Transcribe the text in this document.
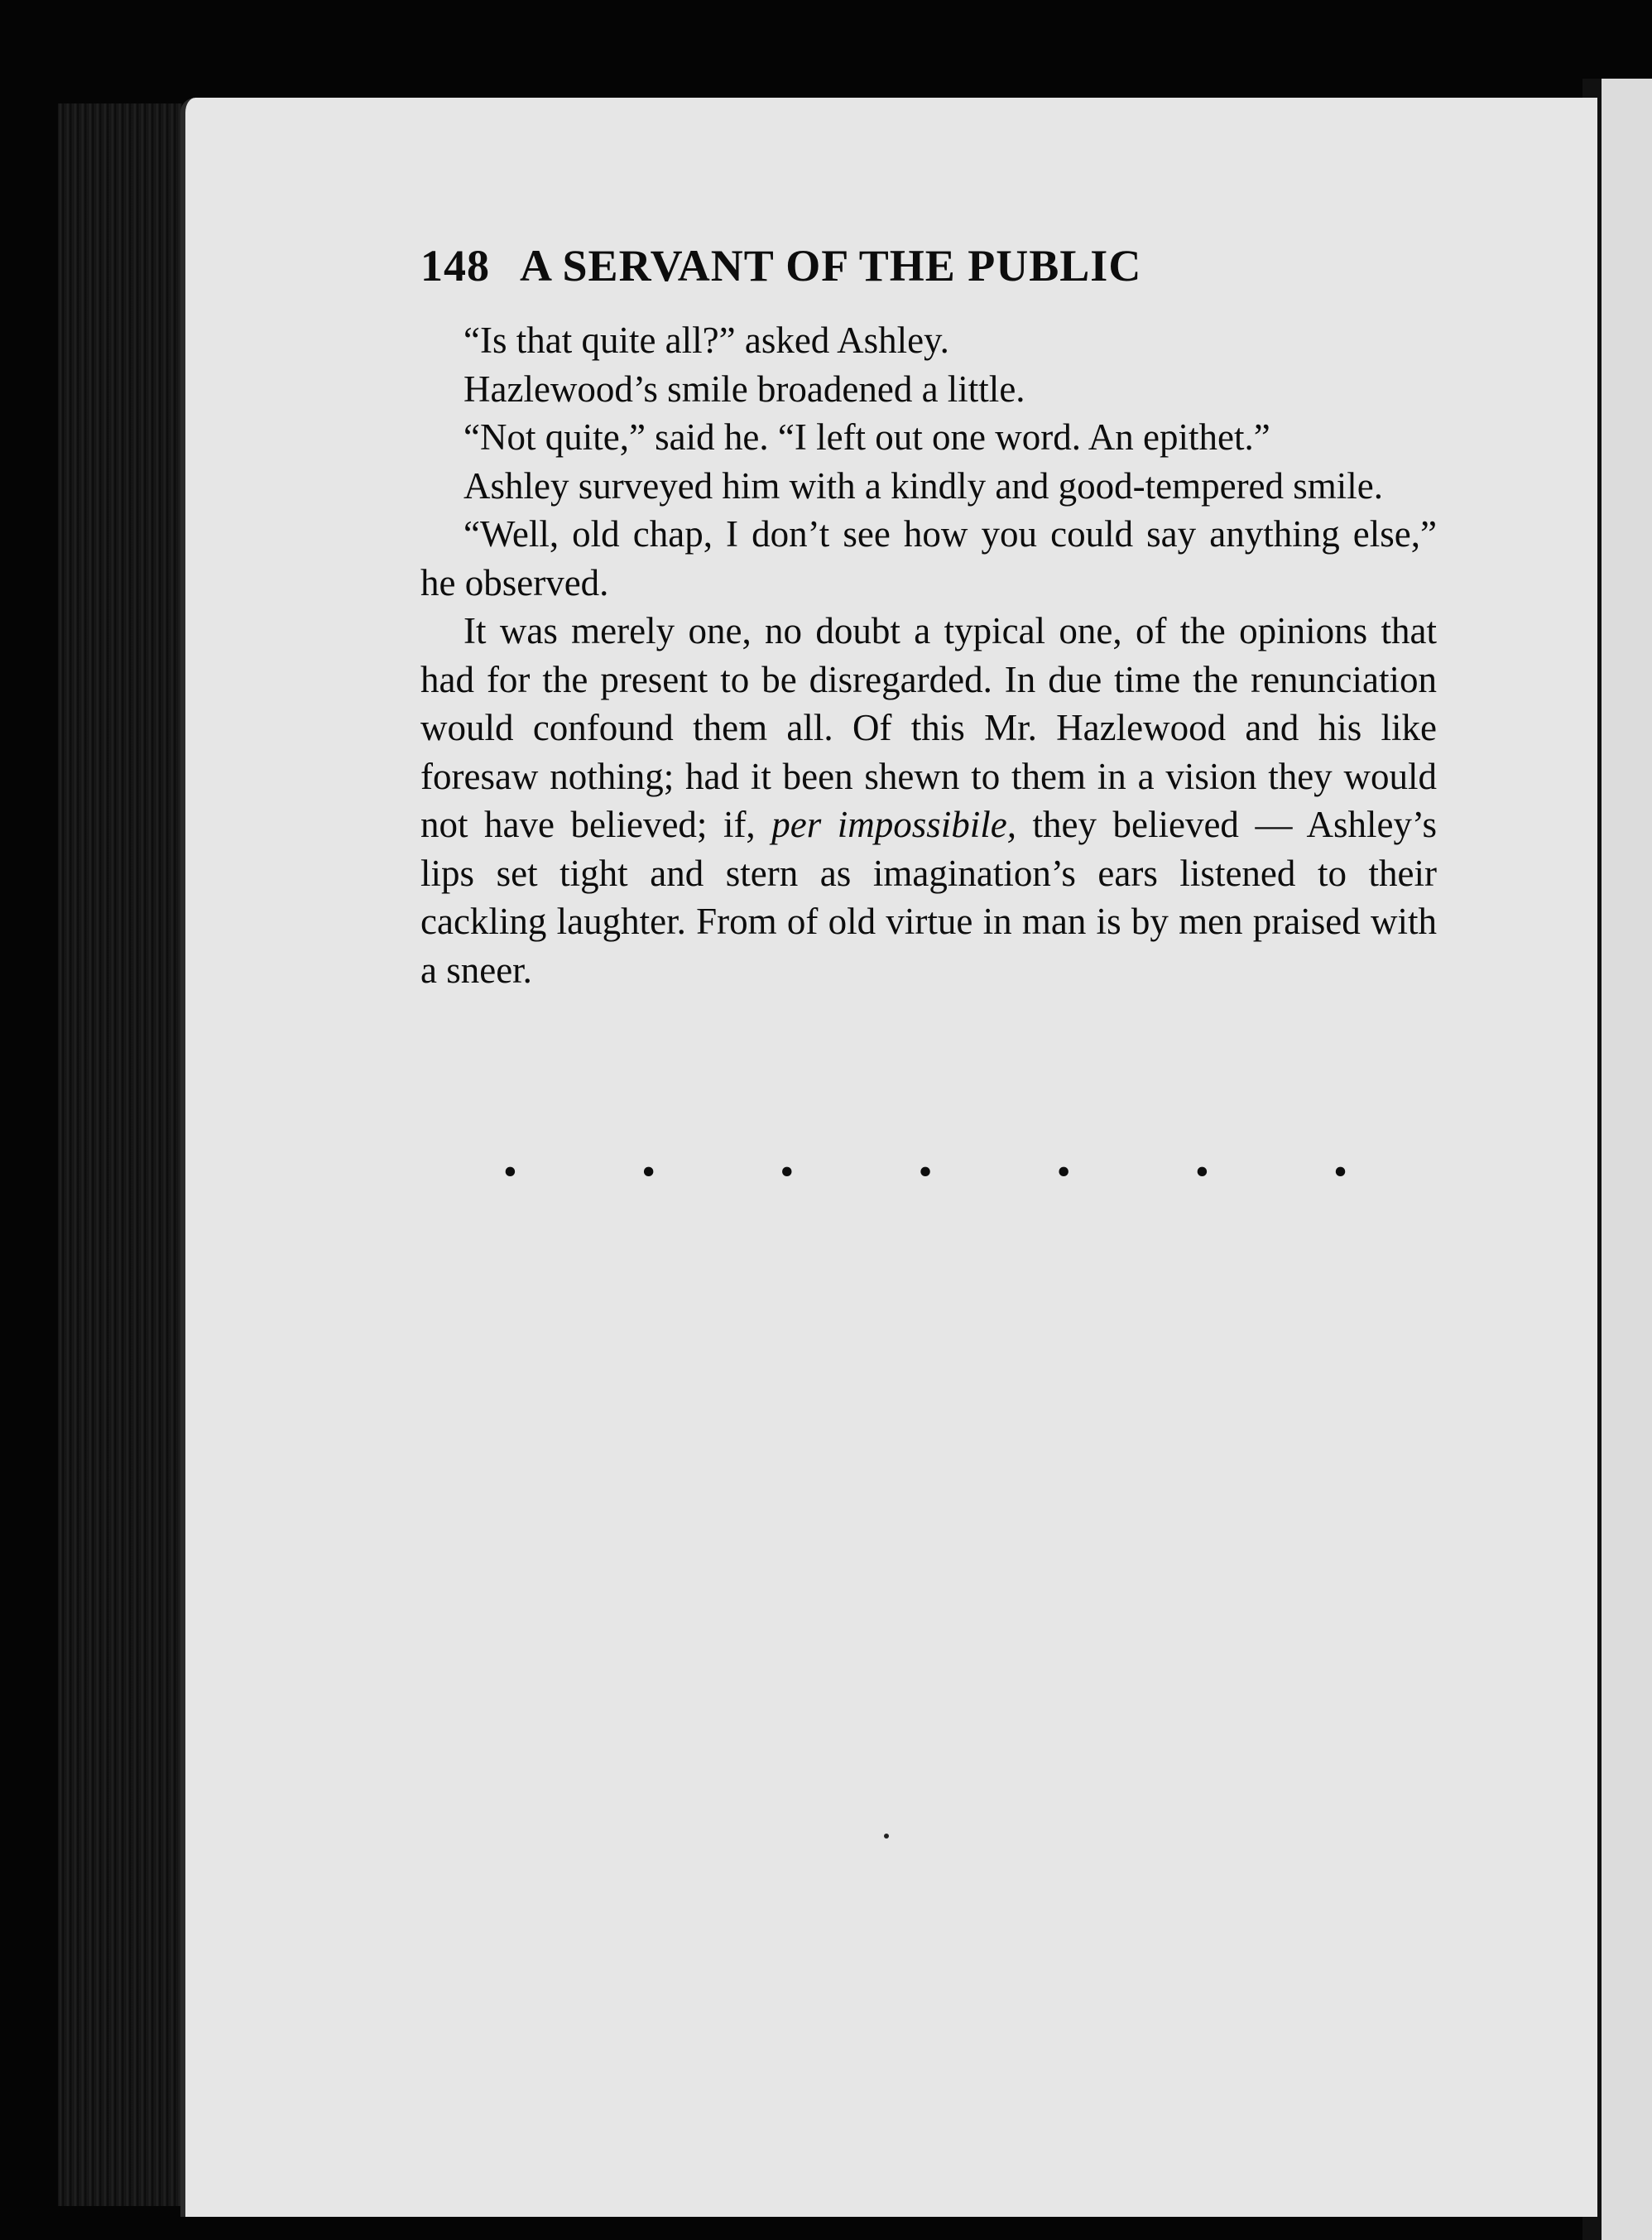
148 A SERVANT OF THE PUBLIC

“Is that quite all?” asked Ashley.

Hazlewood’s smile broadened a little.

“Not quite,” said he. “I left out one word. An epithet.”

Ashley surveyed him with a kindly and good-tempered smile.

“Well, old chap, I don’t see how you could say anything else,” he observed.

It was merely one, no doubt a typical one, of the opinions that had for the present to be disregarded. In due time the renunciation would confound them all. Of this Mr. Hazlewood and his like foresaw nothing; had it been shewn to them in a vision they would not have believed; if, per impossibile, they believed — Ashley’s lips set tight and stern as imagination’s ears listened to their cackling laughter. From of old virtue in man is by men praised with a sneer.

•	•	•	•	•	•	•
